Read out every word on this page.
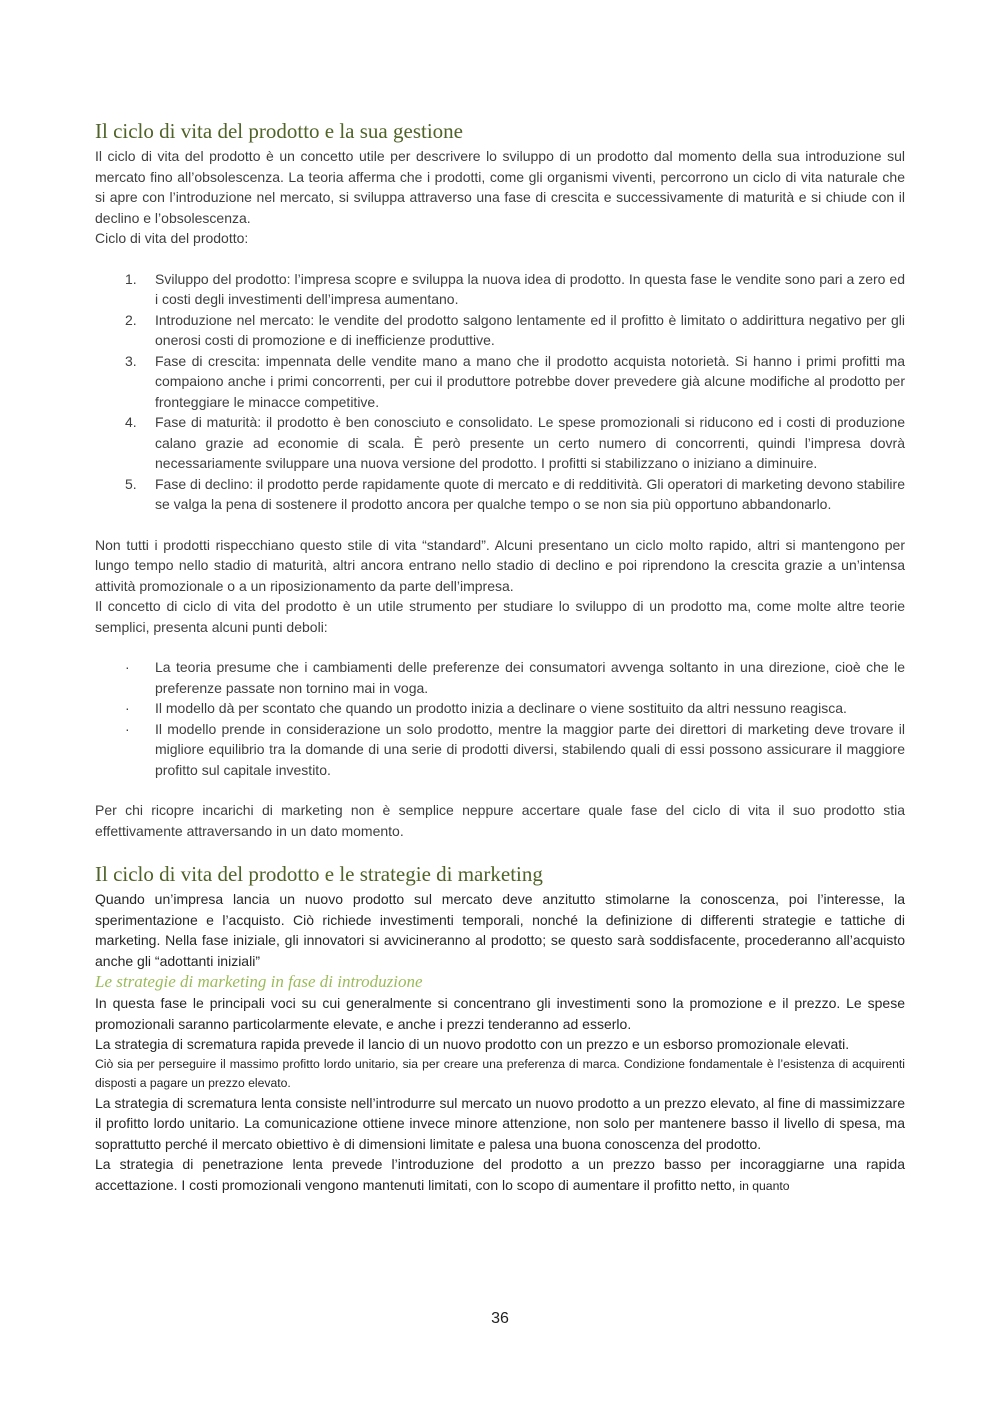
Il ciclo di vita del prodotto e la sua gestione

Il ciclo di vita del prodotto è un concetto utile per descrivere lo sviluppo di un prodotto dal momento della sua introduzione sul mercato fino all’obsolescenza. La teoria afferma che i prodotti, come gli organismi viventi, percorrono un ciclo di vita naturale che si apre con l’introduzione nel mercato, si sviluppa attraverso una fase di crescita e successivamente di maturità e si chiude con il declino e l’obsolescenza.

Ciclo di vita del prodotto:

1. Sviluppo del prodotto: l’impresa scopre e sviluppa la nuova idea di prodotto. In questa fase le vendite sono pari a zero ed i costi degli investimenti dell’impresa aumentano.
2. Introduzione nel mercato: le vendite del prodotto salgono lentamente ed il profitto è limitato o addirittura negativo per gli onerosi costi di promozione e di inefficienze produttive.
3. Fase di crescita: impennata delle vendite mano a mano che il prodotto acquista notorietà. Si hanno i primi profitti ma compaiono anche i primi concorrenti, per cui il produttore potrebbe dover prevedere già alcune modifiche al prodotto per fronteggiare le minacce competitive.
4. Fase di maturità: il prodotto è ben conosciuto e consolidato. Le spese promozionali si riducono ed i costi di produzione calano grazie ad economie di scala. È però presente un certo numero di concorrenti, quindi l’impresa dovrà necessariamente sviluppare una nuova versione del prodotto. I profitti si stabilizzano o iniziano a diminuire.
5. Fase di declino: il prodotto perde rapidamente quote di mercato e di redditività. Gli operatori di marketing devono stabilire se valga la pena di sostenere il prodotto ancora per qualche tempo o se non sia più opportuno abbandonarlo.

Non tutti i prodotti rispecchiano questo stile di vita “standard”. Alcuni presentano un ciclo molto rapido, altri si mantengono per lungo tempo nello stadio di maturità, altri ancora entrano nello stadio di declino e poi riprendono la crescita grazie a un’intensa attività promozionale o a un riposizionamento da parte dell’impresa.

Il concetto di ciclo di vita del prodotto è un utile strumento per studiare lo sviluppo di un prodotto ma, come molte altre teorie semplici, presenta alcuni punti deboli:

· La teoria presume che i cambiamenti delle preferenze dei consumatori avvenga soltanto in una direzione, cioè che le preferenze passate non tornino mai in voga.
· Il modello dà per scontato che quando un prodotto inizia a declinare o viene sostituito da altri nessuno reagisca.
· Il modello prende in considerazione un solo prodotto, mentre la maggior parte dei direttori di marketing deve trovare il migliore equilibrio tra la domande di una serie di prodotti diversi, stabilendo quali di essi possono assicurare il maggiore profitto sul capitale investito.

Per chi ricopre incarichi di marketing non è semplice neppure accertare quale fase del ciclo di vita il suo prodotto stia effettivamente attraversando in un dato momento.

Il ciclo di vita del prodotto e le strategie di marketing

Quando un’impresa lancia un nuovo prodotto sul mercato deve anzitutto stimolarne la conoscenza, poi l’interesse, la sperimentazione e l’acquisto. Ciò richiede investimenti temporali, nonché la definizione di differenti strategie e tattiche di marketing. Nella fase iniziale, gli innovatori si avvicineranno al prodotto; se questo sarà soddisfacente, procederanno all’acquisto anche gli “adottanti iniziali”

Le strategie di marketing in fase di introduzione

In questa fase le principali voci su cui generalmente si concentrano gli investimenti sono la promozione e il prezzo. Le spese promozionali saranno particolarmente elevate, e anche i prezzi tenderanno ad esserlo.

La strategia di scrematura rapida prevede il lancio di un nuovo prodotto con un prezzo e un esborso promozionale elevati.

Ciò sia per perseguire il massimo profitto lordo unitario, sia per creare una preferenza di marca. Condizione fondamentale è l’esistenza di acquirenti disposti a pagare un prezzo elevato.

La strategia di scrematura lenta consiste nell’introdurre sul mercato un nuovo prodotto a un prezzo elevato, al fine di massimizzare il profitto lordo unitario. La comunicazione ottiene invece minore attenzione, non solo per mantenere basso il livello di spesa, ma soprattutto perché il mercato obiettivo è di dimensioni limitate e palesa una buona conoscenza del prodotto.

La strategia di penetrazione lenta prevede l’introduzione del prodotto a un prezzo basso per incoraggiarne una rapida accettazione. I costi promozionali vengono mantenuti limitati, con lo scopo di aumentare il profitto netto, in quanto

36
